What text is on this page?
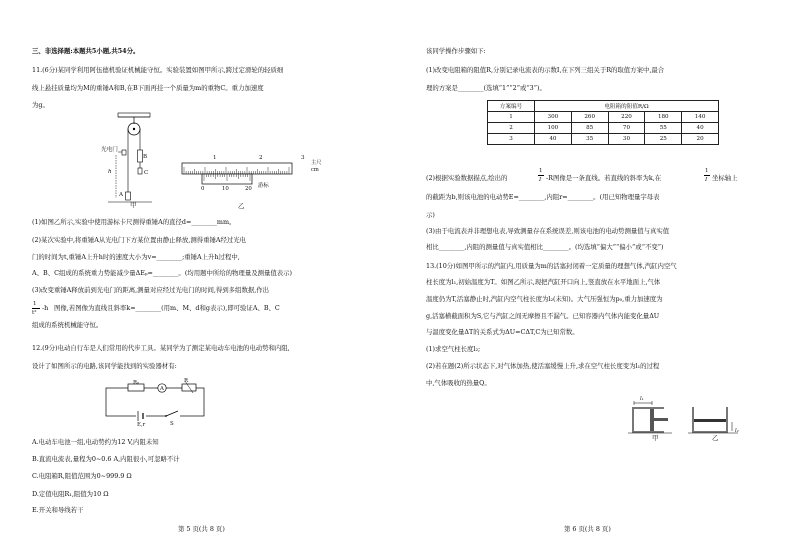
三、非选择题:本题共5小题,共54分。
11.(6分)某同学利用阿伍德机验证机械能守恒。实验装置如图甲所示,跨过定滑轮的轻质细
线上悬挂质量均为M的重锤A和B,在B下面再挂一个质量为m的重物C。重力加速度
为g。
光电门
h
A
B
C
甲
1	2	3
主尺
cm
0	10	20 游标
乙
(1)如图乙所示,实验中使用游标卡尺测得重锤A的直径d=________mm。
(2)某次实验中,将重锤A从光电门下方某位置由静止释放,测得重锤A经过光电
门的时间为t,重锤A上升h时的速度大小为v=________;重锤A上升h过程中,
A、B、C组成的系统重力势能减少量ΔEₚ=________。(均用题中所给的物理量及测量值表示)
(3)改变重锤A释放前到光电门的距离,测量对应经过光电门的时间,得到多组数据,作出
1
t²
-h 图像,若图像为直线且斜率k=________(用m、M、d和g表示),即可验证A、B、C
组成的系统机械能守恒。
12.(9分)电动自行车是人们常用的代步工具。某同学为了测定某电动车电池的电动势和内阻,
设计了如图所示的电路,该同学能找到的实验器材有:
R₀
A
R
E,r	S
A.电动车电池一组,电动势约为12 V,内阻未知
B.直流电流表,量程为0~0.6 A,内阻很小,可忽略不计
C.电阻箱R,阻值范围为0~999.9 Ω
D.定值电阻R₁,阻值为10 Ω
E.开关和导线若干
第 5 页(共 8 页)
该同学操作步骤如下:
(1)改变电阻箱的阻值R,分别记录电流表的示数I,在下列三组关于R的取值方案中,最合
理的方案是________(选填“1”“2”或“3”)。
方案编号	电阻箱的阻值R/Ω				
1	300	260	220	180	140
2	100	85	70	55	40
3	40	35	30	25	20
(2)根据实验数据描点,绘出的
1
I -R图像是一条直线。若直线的斜率为k,在
1
I 坐标轴上
的截距为b,则该电池的电动势E=________,内阻r=________。(用已知物理量字母表
示)
(3)由于电流表并非理想电表,导致测量存在系统误差,则该电池的电动势测量值与真实值
相比________,内阻的测量值与真实值相比________。(均选填“偏大”“偏小”或“不变”)
13.(10分)如图甲所示的汽缸内,用质量为m的活塞封闭着一定质量的理想气体,汽缸内空气
柱长度为l₁,初始温度为T。如图乙所示,现把汽缸开口向上,竖直放在水平地面上,气体
温度仍为T,活塞静止时,汽缸内空气柱长度为l₂(未知)。大气压强恒为p₀,重力加速度为
g,活塞横截面积为S,它与汽缸之间无摩擦且不漏气。已知容器内气体内能变化量ΔU
与温度变化量ΔT的关系式为ΔU=CΔT,C为已知常数。
(1)求空气柱长度l₂;
(2)若在题(2)所示状态下,对气体加热,使活塞缓慢上升,求在空气柱长度变为l₁的过程
中,气体吸收的热量Q。
l₁
甲
l₂
乙
第 6 页(共 8 页)
